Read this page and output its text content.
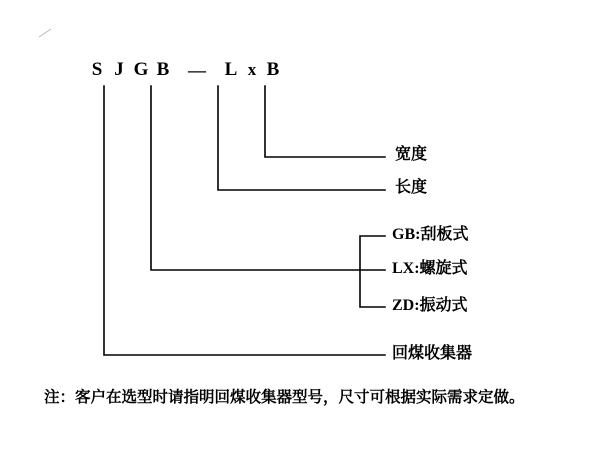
S J G B	— L x B
宽度
长度
GB:刮板式
LX:螺旋式
ZD:振动式
回煤收集器
注：客户在选型时请指明回煤收集器型号，尺寸可根据实际需求定做。
